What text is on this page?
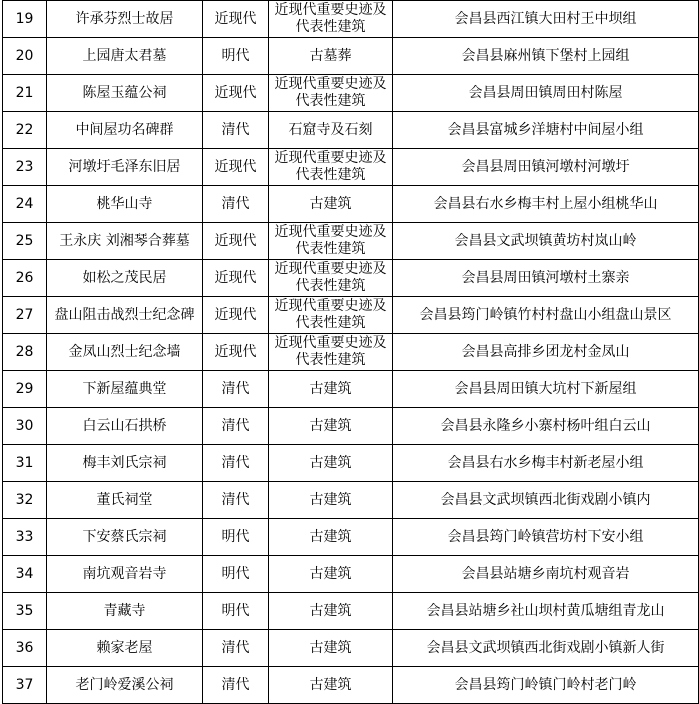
19	许承芬烈士故居	近现代	近现代重要史迹及代表性建筑	会昌县西江镇大田村王中坝组
20	上园唐太君墓	明代	古墓葬	会昌县麻州镇下堡村上园组
21	陈屋玉蕴公祠	近现代	近现代重要史迹及代表性建筑	会昌县周田镇周田村陈屋
22	中间屋功名碑群	清代	石窟寺及石刻	会昌县富城乡洋塘村中间屋小组
23	河墩圩毛泽东旧居	近现代	近现代重要史迹及代表性建筑	会昌县周田镇河墩村河墩圩
24	桃华山寺	清代	古建筑	会昌县右水乡梅丰村上屋小组桃华山
25	王永庆 刘湘琴合葬墓	近现代	近现代重要史迹及代表性建筑	会昌县文武坝镇黄坊村岚山岭
26	如松之茂民居	近现代	近现代重要史迹及代表性建筑	会昌县周田镇河墩村土寨亲
27	盘山阻击战烈士纪念碑	近现代	近现代重要史迹及代表性建筑	会昌县筠门岭镇竹村村盘山小组盘山景区
28	金凤山烈士纪念墙	近现代	近现代重要史迹及代表性建筑	会昌县高排乡团龙村金凤山
29	下新屋蕴典堂	清代	古建筑	会昌县周田镇大坑村下新屋组
30	白云山石拱桥	清代	古建筑	会昌县永隆乡小寨村杨叶组白云山
31	梅丰刘氏宗祠	清代	古建筑	会昌县右水乡梅丰村新老屋小组
32	董氏祠堂	清代	古建筑	会昌县文武坝镇西北街戏剧小镇内
33	下安蔡氏宗祠	明代	古建筑	会昌县筠门岭镇营坊村下安小组
34	南坑观音岩寺	明代	古建筑	会昌县站塘乡南坑村观音岩
35	青藏寺	明代	古建筑	会昌县站塘乡社山坝村黄瓜塘组青龙山
36	赖家老屋	清代	古建筑	会昌县文武坝镇西北街戏剧小镇新人街
37	老门岭爱溪公祠	清代	古建筑	会昌县筠门岭镇门岭村老门岭
